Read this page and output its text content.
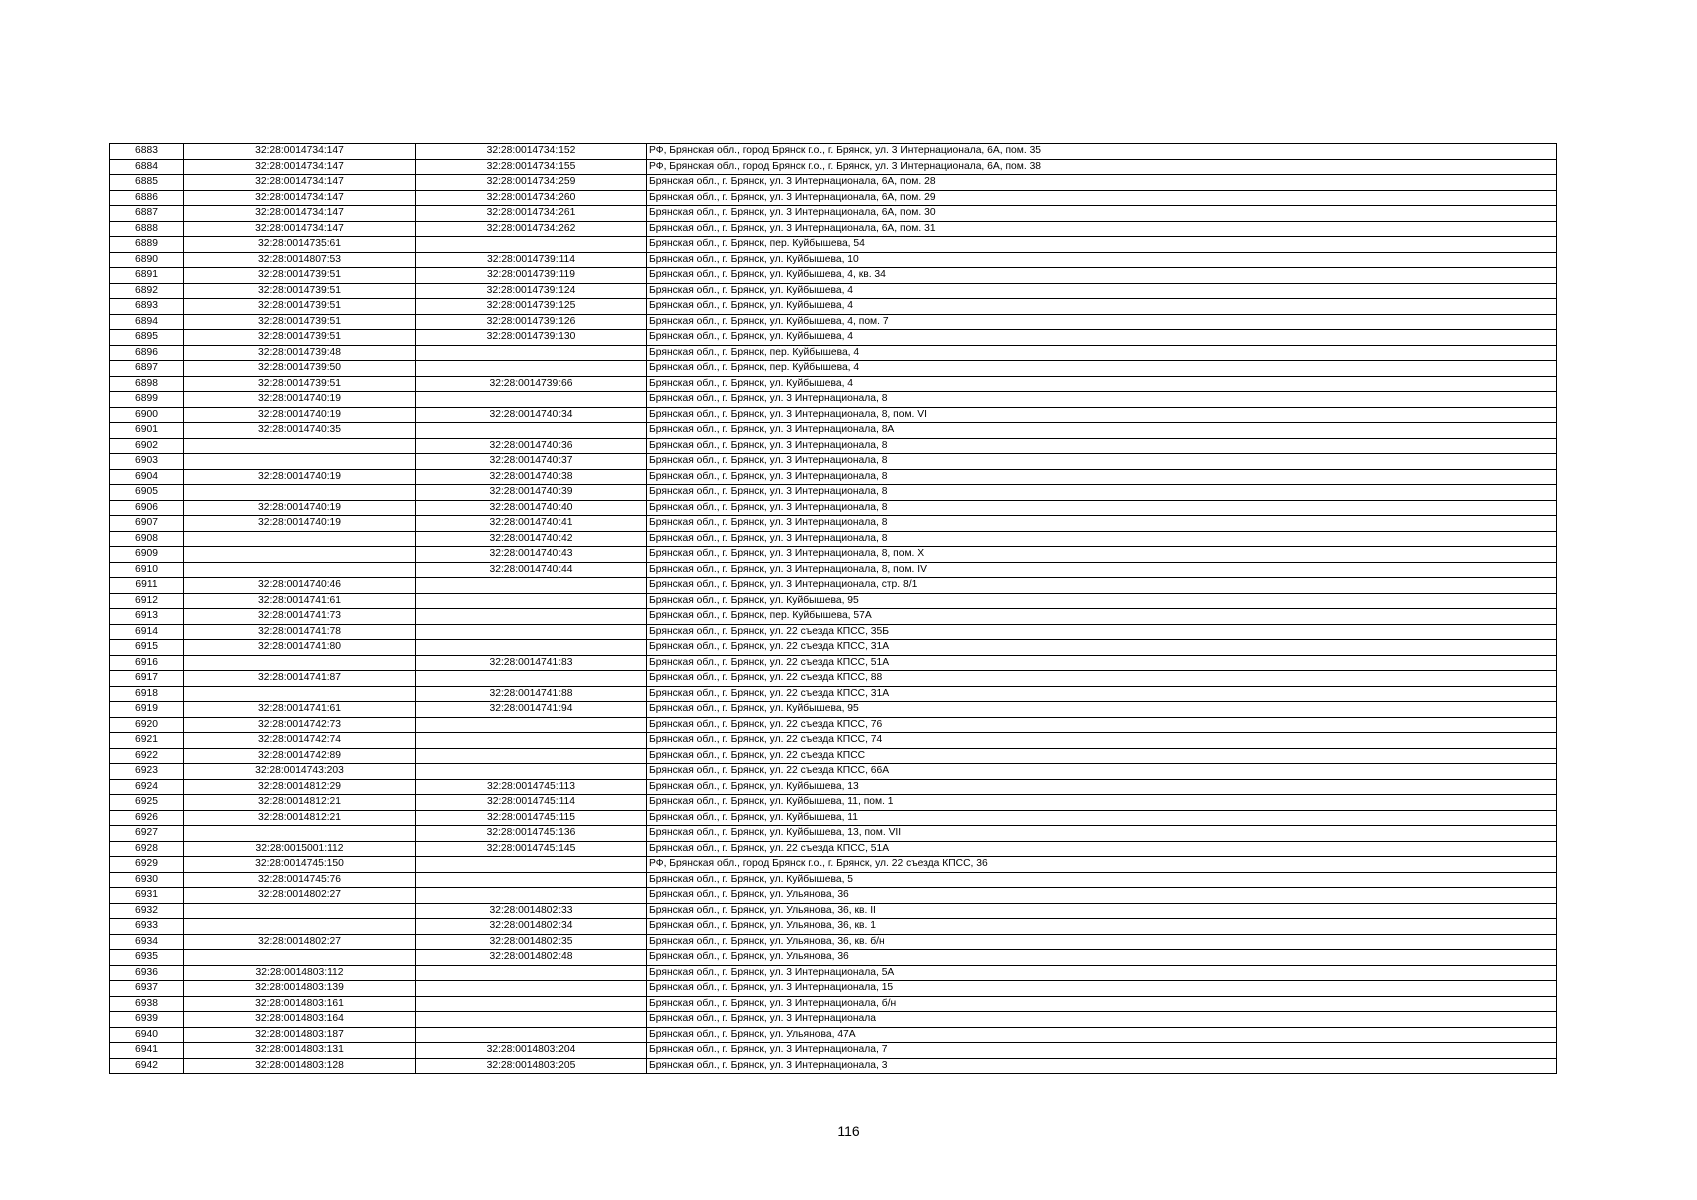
6883	32:28:0014734:147	32:28:0014734:152	РФ, Брянская обл., город Брянск г.о., г. Брянск, ул. 3 Интернационала, 6А, пом. 35
6884	32:28:0014734:147	32:28:0014734:155	РФ, Брянская обл., город Брянск г.о., г. Брянск, ул. 3 Интернационала, 6А, пом. 38
6885	32:28:0014734:147	32:28:0014734:259	Брянская обл., г. Брянск, ул. 3 Интернационала, 6А, пом. 28
6886	32:28:0014734:147	32:28:0014734:260	Брянская обл., г. Брянск, ул. 3 Интернационала, 6А, пом. 29
6887	32:28:0014734:147	32:28:0014734:261	Брянская обл., г. Брянск, ул. 3 Интернационала, 6А, пом. 30
6888	32:28:0014734:147	32:28:0014734:262	Брянская обл., г. Брянск, ул. 3 Интернационала, 6А, пом. 31
6889	32:28:0014735:61		Брянская обл., г. Брянск, пер. Куйбышева, 54
6890	32:28:0014807:53	32:28:0014739:114	Брянская обл., г. Брянск, ул. Куйбышева, 10
6891	32:28:0014739:51	32:28:0014739:119	Брянская обл., г. Брянск, ул. Куйбышева, 4, кв. 34
6892	32:28:0014739:51	32:28:0014739:124	Брянская обл., г. Брянск, ул. Куйбышева, 4
6893	32:28:0014739:51	32:28:0014739:125	Брянская обл., г. Брянск, ул. Куйбышева, 4
6894	32:28:0014739:51	32:28:0014739:126	Брянская обл., г. Брянск, ул. Куйбышева, 4, пом. 7
6895	32:28:0014739:51	32:28:0014739:130	Брянская обл., г. Брянск, ул. Куйбышева, 4
6896	32:28:0014739:48		Брянская обл., г. Брянск, пер. Куйбышева, 4
6897	32:28:0014739:50		Брянская обл., г. Брянск, пер. Куйбышева, 4
6898	32:28:0014739:51	32:28:0014739:66	Брянская обл., г. Брянск, ул. Куйбышева, 4
6899	32:28:0014740:19		Брянская обл., г. Брянск, ул. 3 Интернационала, 8
6900	32:28:0014740:19	32:28:0014740:34	Брянская обл., г. Брянск, ул. 3 Интернационала, 8, пом. VI
6901	32:28:0014740:35		Брянская обл., г. Брянск, ул. 3 Интернационала, 8А
6902		32:28:0014740:36	Брянская обл., г. Брянск, ул. 3 Интернационала, 8
6903		32:28:0014740:37	Брянская обл., г. Брянск, ул. 3 Интернационала, 8
6904	32:28:0014740:19	32:28:0014740:38	Брянская обл., г. Брянск, ул. 3 Интернационала, 8
6905		32:28:0014740:39	Брянская обл., г. Брянск, ул. 3 Интернационала, 8
6906	32:28:0014740:19	32:28:0014740:40	Брянская обл., г. Брянск, ул. 3 Интернационала, 8
6907	32:28:0014740:19	32:28:0014740:41	Брянская обл., г. Брянск, ул. 3 Интернационала, 8
6908		32:28:0014740:42	Брянская обл., г. Брянск, ул. 3 Интернационала, 8
6909		32:28:0014740:43	Брянская обл., г. Брянск, ул. 3 Интернационала, 8, пом. X
6910		32:28:0014740:44	Брянская обл., г. Брянск, ул. 3 Интернационала, 8, пом. IV
6911	32:28:0014740:46		Брянская обл., г. Брянск, ул. 3 Интернационала, стр. 8/1
6912	32:28:0014741:61		Брянская обл., г. Брянск, ул. Куйбышева, 95
6913	32:28:0014741:73		Брянская обл., г. Брянск, пер. Куйбышева, 57А
6914	32:28:0014741:78		Брянская обл., г. Брянск, ул. 22 съезда КПСС, 35Б
6915	32:28:0014741:80		Брянская обл., г. Брянск, ул. 22 съезда КПСС, 31А
6916		32:28:0014741:83	Брянская обл., г. Брянск, ул. 22 съезда КПСС, 51А
6917	32:28:0014741:87		Брянская обл., г. Брянск, ул. 22 съезда КПСС, 88
6918		32:28:0014741:88	Брянская обл., г. Брянск, ул. 22 съезда КПСС, 31А
6919	32:28:0014741:61	32:28:0014741:94	Брянская обл., г. Брянск, ул. Куйбышева, 95
6920	32:28:0014742:73		Брянская обл., г. Брянск, ул. 22 съезда КПСС, 76
6921	32:28:0014742:74		Брянская обл., г. Брянск, ул. 22 съезда КПСС, 74
6922	32:28:0014742:89		Брянская обл., г. Брянск, ул. 22 съезда КПСС
6923	32:28:0014743:203		Брянская обл., г. Брянск, ул. 22 съезда КПСС, 66А
6924	32:28:0014812:29	32:28:0014745:113	Брянская обл., г. Брянск, ул. Куйбышева, 13
6925	32:28:0014812:21	32:28:0014745:114	Брянская обл., г. Брянск, ул. Куйбышева, 11, пом. 1
6926	32:28:0014812:21	32:28:0014745:115	Брянская обл., г. Брянск, ул. Куйбышева, 11
6927		32:28:0014745:136	Брянская обл., г. Брянск, ул. Куйбышева, 13, пом. VII
6928	32:28:0015001:112	32:28:0014745:145	Брянская обл., г. Брянск, ул. 22 съезда КПСС, 51А
6929	32:28:0014745:150		РФ, Брянская обл., город Брянск г.о., г. Брянск, ул. 22 съезда КПСС, 36
6930	32:28:0014745:76		Брянская обл., г. Брянск, ул. Куйбышева, 5
6931	32:28:0014802:27		Брянская обл., г. Брянск, ул. Ульянова, 36
6932		32:28:0014802:33	Брянская обл., г. Брянск, ул. Ульянова, 36, кв. II
6933		32:28:0014802:34	Брянская обл., г. Брянск, ул. Ульянова, 36, кв. 1
6934	32:28:0014802:27	32:28:0014802:35	Брянская обл., г. Брянск, ул. Ульянова, 36, кв. б/н
6935		32:28:0014802:48	Брянская обл., г. Брянск, ул. Ульянова, 36
6936	32:28:0014803:112		Брянская обл., г. Брянск, ул. 3 Интернационала, 5А
6937	32:28:0014803:139		Брянская обл., г. Брянск, ул. 3 Интернационала, 15
6938	32:28:0014803:161		Брянская обл., г. Брянск, ул. 3 Интернационала, б/н
6939	32:28:0014803:164		Брянская обл., г. Брянск, ул. 3 Интернационала
6940	32:28:0014803:187		Брянская обл., г. Брянск, ул. Ульянова, 47А
6941	32:28:0014803:131	32:28:0014803:204	Брянская обл., г. Брянск, ул. 3 Интернационала, 7
6942	32:28:0014803:128	32:28:0014803:205	Брянская обл., г. Брянск, ул. 3 Интернационала, 3
116
